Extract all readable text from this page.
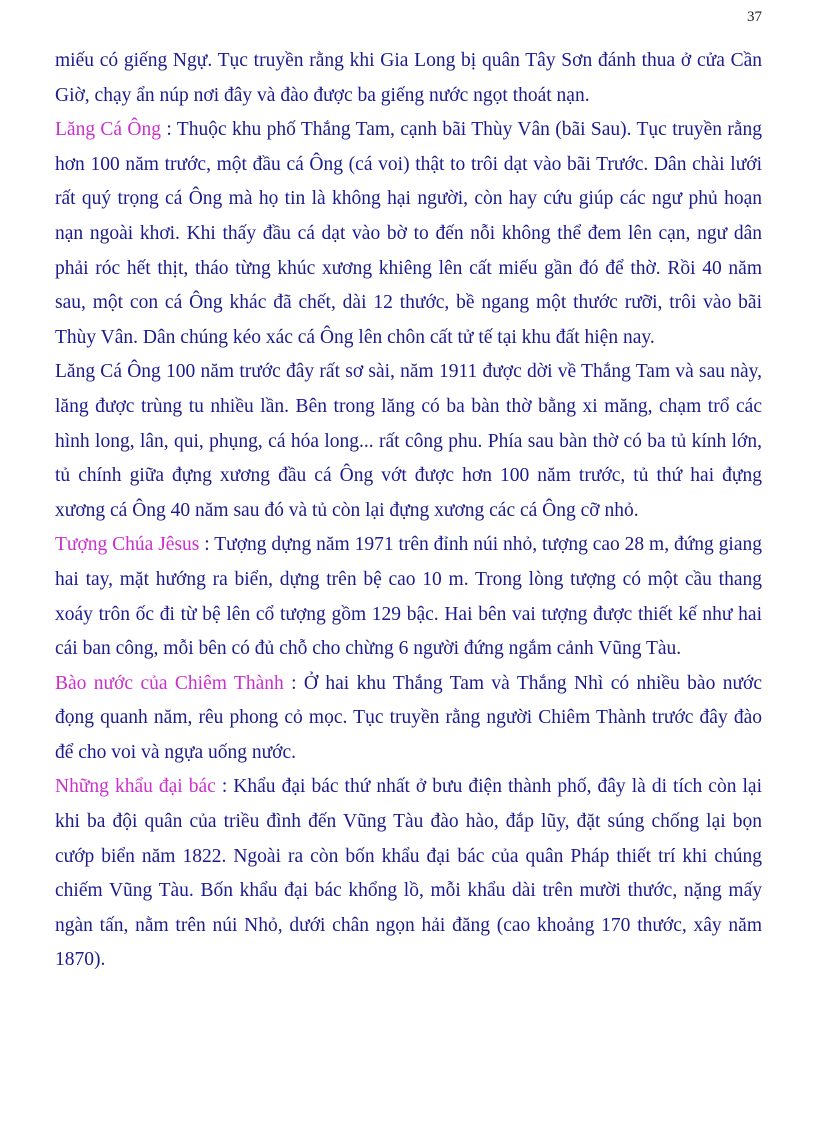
37

miếu có giếng Ngự. Tục truyền rằng khi Gia Long bị quân Tây Sơn đánh thua ở cửa Cần Giờ, chạy ẩn núp nơi đây và đào được ba giếng nước ngọt thoát nạn.

Lăng Cá Ông : Thuộc khu phố Thắng Tam, cạnh bãi Thùy Vân (bãi Sau). Tục truyền rằng hơn 100 năm trước, một đầu cá Ông (cá voi) thật to trôi dạt vào bãi Trước. Dân chài lưới rất quý trọng cá Ông mà họ tin là không hại người, còn hay cứu giúp các ngư phủ hoạn nạn ngoài khơi. Khi thấy đầu cá dạt vào bờ to đến nỗi không thể đem lên cạn, ngư dân phải róc hết thịt, tháo từng khúc xương khiêng lên cất miếu gần đó để thờ. Rồi 40 năm sau, một con cá Ông khác đã chết, dài 12 thước, bề ngang một thước rưỡi, trôi vào bãi Thùy Vân. Dân chúng kéo xác cá Ông lên chôn cất tử tế tại khu đất hiện nay.

Lăng Cá Ông 100 năm trước đây rất sơ sài, năm 1911 được dời về Thắng Tam và sau này, lăng được trùng tu nhiều lần. Bên trong lăng có ba bàn thờ bằng xi măng, chạm trổ các hình long, lân, qui, phụng, cá hóa long... rất công phu. Phía sau bàn thờ có ba tủ kính lớn, tủ chính giữa đựng xương đầu cá Ông vớt được hơn 100 năm trước, tủ thứ hai đựng xương cá Ông 40 năm sau đó và tủ còn lại đựng xương các cá Ông cỡ nhỏ.

Tượng Chúa Jêsus : Tượng dựng năm 1971 trên đỉnh núi nhỏ, tượng cao 28 m, đứng giang hai tay, mặt hướng ra biển, dựng trên bệ cao 10 m. Trong lòng tượng có một cầu thang xoáy trôn ốc đi từ bệ lên cổ tượng gồm 129 bậc. Hai bên vai tượng được thiết kế như hai cái ban công, mỗi bên có đủ chỗ cho chừng 6 người đứng ngắm cảnh Vũng Tàu.

Bào nước của Chiêm Thành : Ở hai khu Thắng Tam và Thắng Nhì có nhiều bào nước đọng quanh năm, rêu phong cỏ mọc. Tục truyền rằng người Chiêm Thành trước đây đào để cho voi và ngựa uống nước.

Những khẩu đại bác : Khẩu đại bác thứ nhất ở bưu điện thành phố, đây là di tích còn lại khi ba đội quân của triều đình đến Vũng Tàu đào hào, đắp lũy, đặt súng chống lại bọn cướp biển năm 1822. Ngoài ra còn bốn khẩu đại bác của quân Pháp thiết trí khi chúng chiếm Vũng Tàu. Bốn khẩu đại bác khổng lồ, mỗi khẩu dài trên mười thước, nặng mấy ngàn tấn, nằm trên núi Nhỏ, dưới chân ngọn hải đăng (cao khoảng 170 thước, xây năm 1870).
